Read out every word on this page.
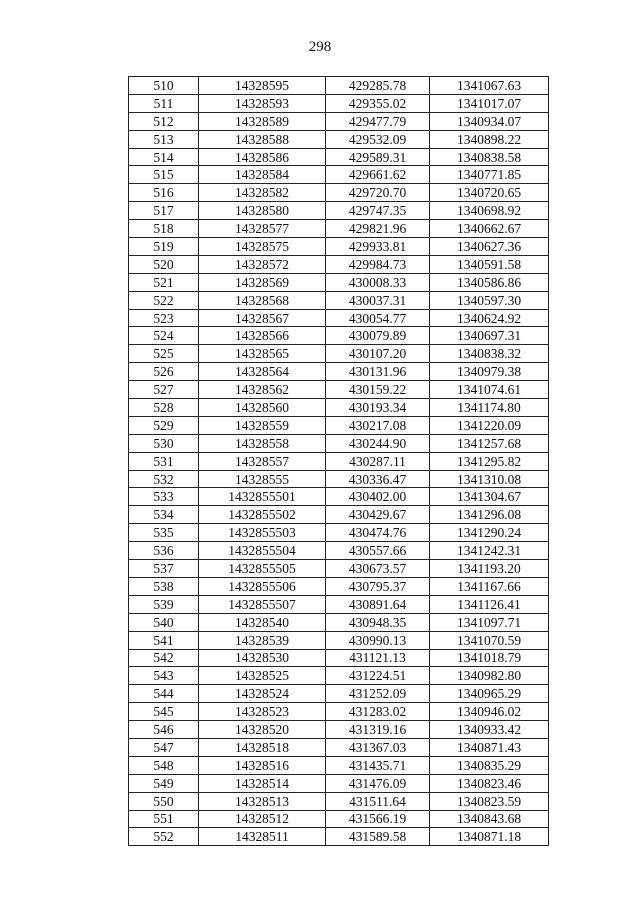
298
510	14328595	429285.78	1341067.63
511	14328593	429355.02	1341017.07
512	14328589	429477.79	1340934.07
513	14328588	429532.09	1340898.22
514	14328586	429589.31	1340838.58
515	14328584	429661.62	1340771.85
516	14328582	429720.70	1340720.65
517	14328580	429747.35	1340698.92
518	14328577	429821.96	1340662.67
519	14328575	429933.81	1340627.36
520	14328572	429984.73	1340591.58
521	14328569	430008.33	1340586.86
522	14328568	430037.31	1340597.30
523	14328567	430054.77	1340624.92
524	14328566	430079.89	1340697.31
525	14328565	430107.20	1340838.32
526	14328564	430131.96	1340979.38
527	14328562	430159.22	1341074.61
528	14328560	430193.34	1341174.80
529	14328559	430217.08	1341220.09
530	14328558	430244.90	1341257.68
531	14328557	430287.11	1341295.82
532	14328555	430336.47	1341310.08
533	1432855501	430402.00	1341304.67
534	1432855502	430429.67	1341296.08
535	1432855503	430474.76	1341290.24
536	1432855504	430557.66	1341242.31
537	1432855505	430673.57	1341193.20
538	1432855506	430795.37	1341167.66
539	1432855507	430891.64	1341126.41
540	14328540	430948.35	1341097.71
541	14328539	430990.13	1341070.59
542	14328530	431121.13	1341018.79
543	14328525	431224.51	1340982.80
544	14328524	431252.09	1340965.29
545	14328523	431283.02	1340946.02
546	14328520	431319.16	1340933.42
547	14328518	431367.03	1340871.43
548	14328516	431435.71	1340835.29
549	14328514	431476.09	1340823.46
550	14328513	431511.64	1340823.59
551	14328512	431566.19	1340843.68
552	14328511	431589.58	1340871.18
